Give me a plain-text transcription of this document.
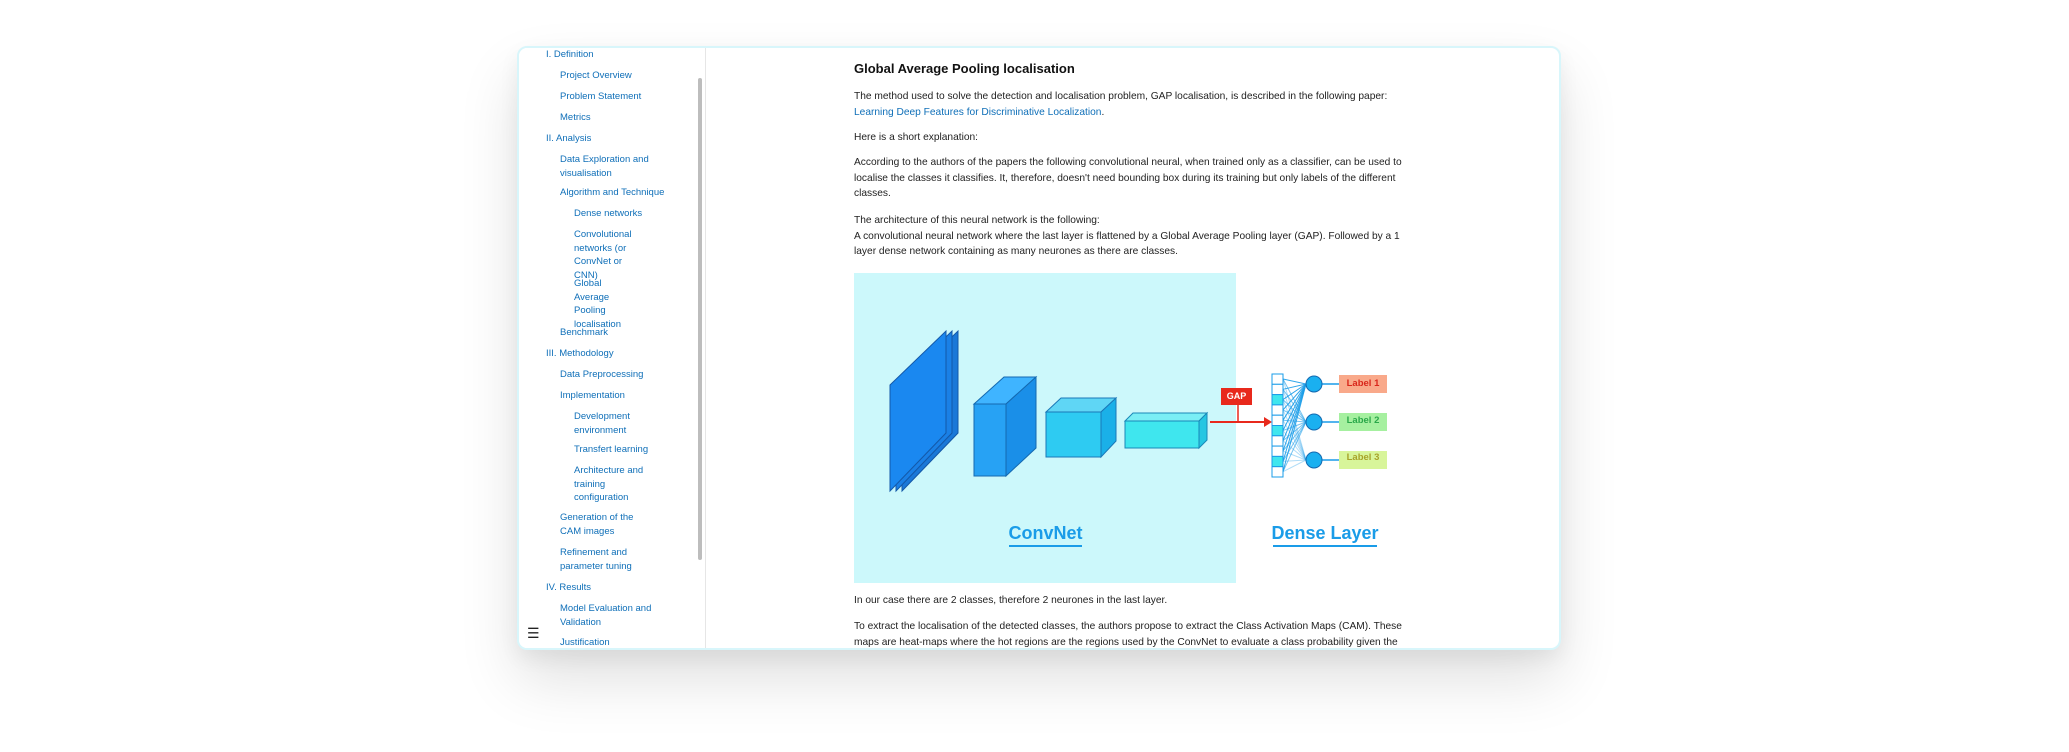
I. Definition
Project Overview
Problem Statement
Metrics
II. Analysis
Data Exploration and visualisation
Algorithm and Technique
Dense networks
Convolutional networks (or ConvNet or CNN)
Global Average Pooling localisation
Benchmark
III. Methodology
Data Preprocessing
Implementation
Development environment
Transfert learning
Architecture and training configuration
Generation of the CAM images
Refinement and parameter tuning
IV. Results
Model Evaluation and Validation
Justification
☰
Global Average Pooling localisation

The method used to solve the detection and localisation problem, GAP localisation, is described in the following paper:
Learning Deep Features for Discriminative Localization.

Here is a short explanation:

According to the authors of the papers the following convolutional neural, when trained only as a classifier, can be used to localise the classes it classifies. It, therefore, doesn't need bounding box during its training but only labels of the different classes.

The architecture of this neural network is the following:
A convolutional neural network where the last layer is flattened by a Global Average Pooling layer (GAP). Followed by a 1 layer dense network containing as many neurones as there are classes.

GAP
Label 1
Label 2
Label 3
ConvNet	Dense Layer

In our case there are 2 classes, therefore 2 neurones in the last layer.

To extract the localisation of the detected classes, the authors propose to extract the Class Activation Maps (CAM). These maps are heat-maps where the hot regions are the regions used by the ConvNet to evaluate a class probability given the
